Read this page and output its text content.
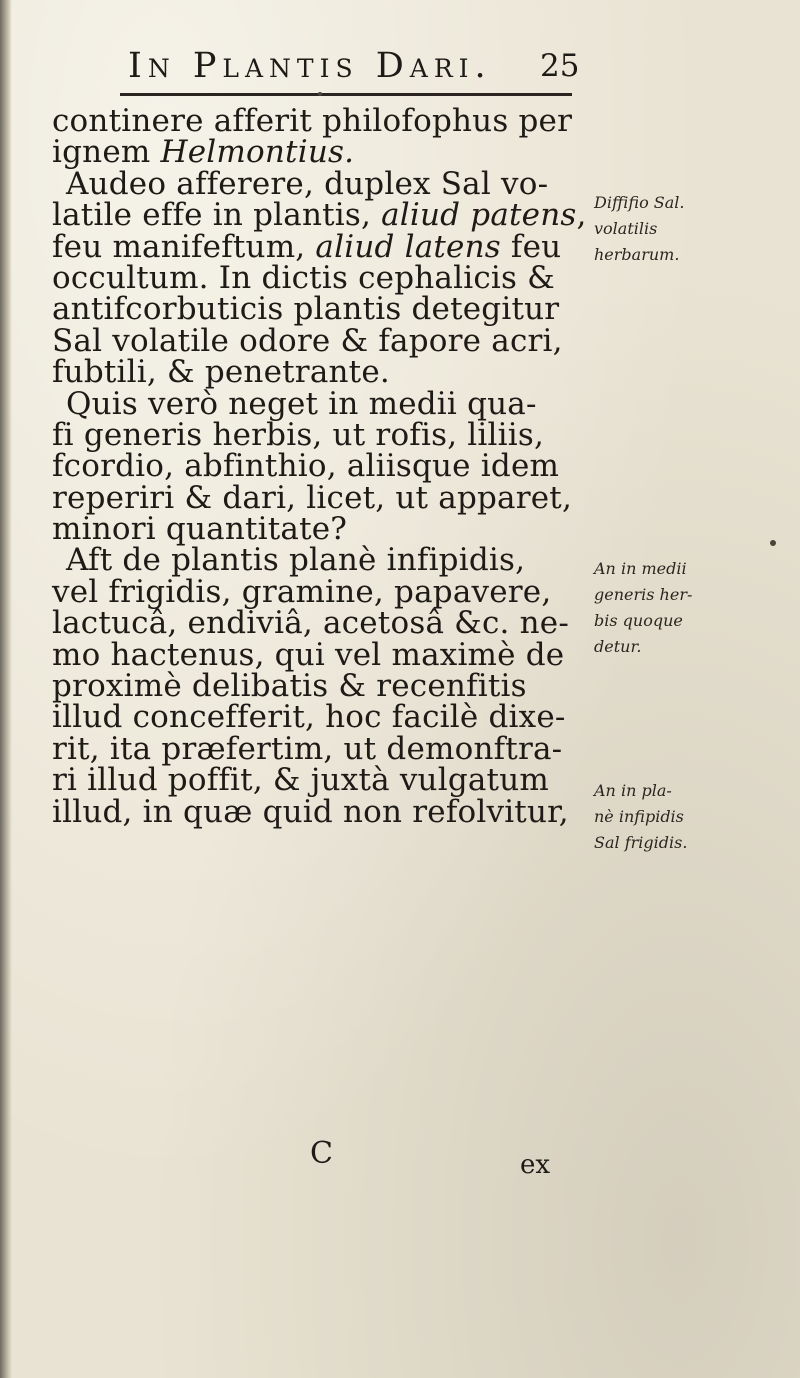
In Plantis Dari. 25
continere afferit philofophus per
ignem Helmontius.
Audeo afferere, duplex Sal vo-
latile effe in plantis, aliud patens,
feu manifeftum, aliud latens feu
occultum. In dictis cephalicis &
antifcorbuticis plantis detegitur
Sal volatile odore & fapore acri,
fubtili, & penetrante.
Quis verò neget in medii qua-
fi generis herbis, ut rofis, liliis,
fcordio, abfinthio, aliisque idem
reperiri & dari, licet, ut apparet,
minori quantitate?
Aft de plantis planè infipidis,
vel frigidis, gramine, papavere,
lactucâ, endiviâ, acetosâ &c. ne-
mo hactenus, qui vel maximè de
proximè delibatis & recenfitis
illud concefferit, hoc facilè dixe-
rit, ita præfertim, ut demonftra-
ri illud poffit, & juxtà vulgatum
illud, in quæ quid non refolvitur,
Diffifio Sal.
volatilis
herbarum.
An in medii
generis her-
bis quoque
detur.
An in pla-
nè infipidis
Sal frigidis.
C	ex
